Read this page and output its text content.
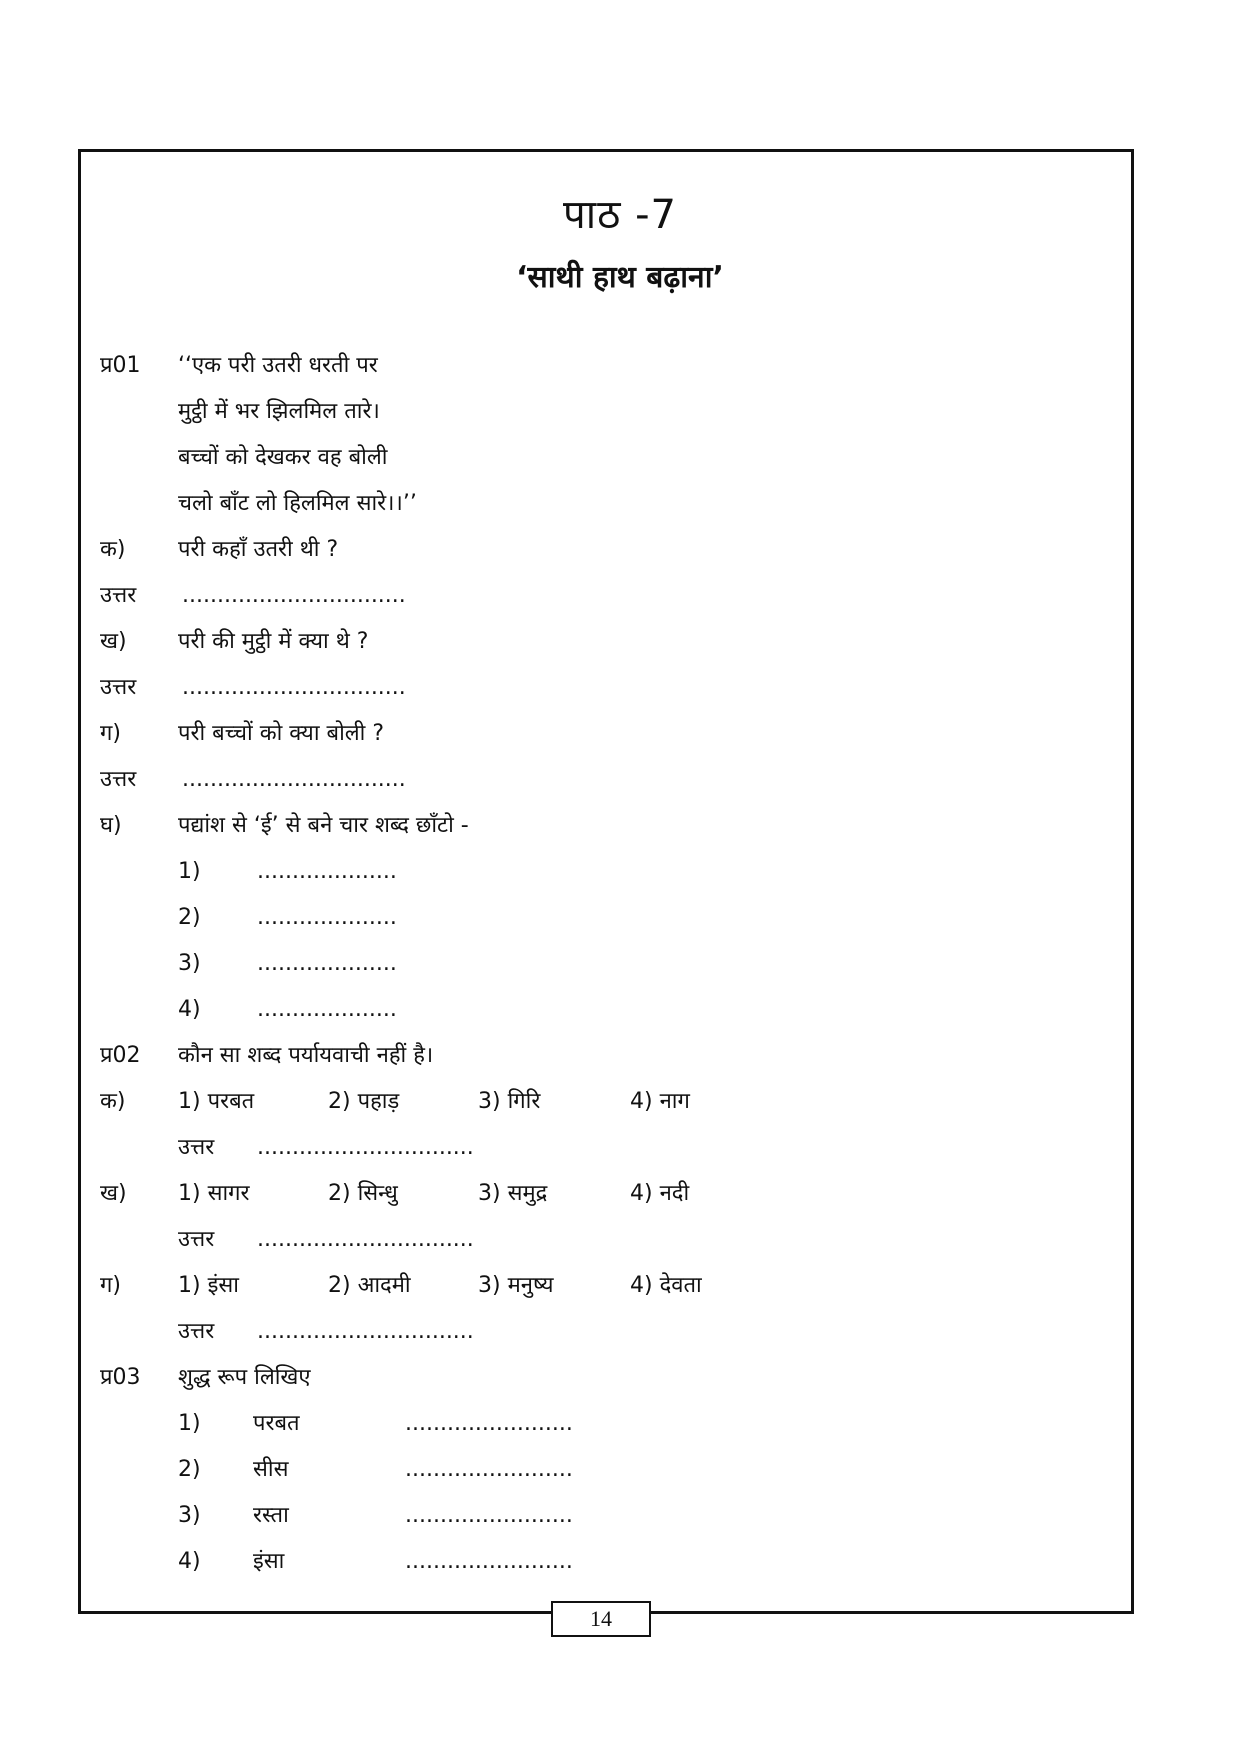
पाठ -7
‘साथी हाथ बढ़ाना’
प्र01 ‘‘एक परी उतरी धरती पर
मुट्ठी में भर झिलमिल तारे।
बच्चों को देखकर वह बोली
चलो बाँट लो हिलमिल सारे।।’’
क) परी कहाँ उतरी थी ?
उत्तर ................................
ख) परी की मुट्ठी में क्या थे ?
उत्तर ................................
ग)	परी बच्चों को क्या बोली ?
उत्तर ................................
घ)	पद्यांश से ‘ई’ से बने चार शब्द छाँटो -
1)	....................
2)	....................
3)	....................
4)	....................
प्र02 कौन सा शब्द पर्यायवाची नहीं है।
क) 1) परबत	2) पहाड़	3) गिरि	4) नाग
उत्तर ...............................
ख) 1) सागर	2) सिन्धु	3) समुद्र	4) नदी
उत्तर ...............................
ग)	1) इंसा	2) आदमी	3) मनुष्य	4) देवता
उत्तर ...............................
प्र03 शुद्ध रूप लिखिए
1) परबत	........................
2) सीस	........................
3) रस्ता	........................
4) इंसा	........................
14
